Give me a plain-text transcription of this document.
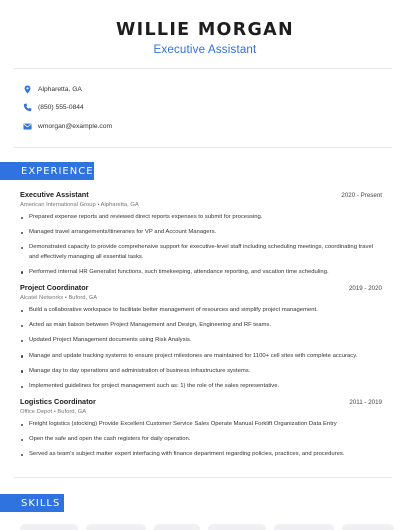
WILLIE MORGAN
Executive Assistant
Alpharetta, GA
(850) 555-0844
wmorgan@example.com
EXPERIENCE
Executive Assistant	2020 - Present
American International Group • Alpharetta, GA
Prepared expense reports and reviewed direct reports expenses to submit for processing.
Managed travel arrangements/itineraries for VP and Account Managers.
Demonstrated capacity to provide comprehensive support for executive-level staff including scheduling meetings, coordinating travel and effectively managing all essential tasks.
Performed internal HR Generalist functions, such timekeeping, attendance reporting, and vacation time scheduling.
Project Coordinator	2019 - 2020
Alcatel Networks • Buford, GA
Build a collaborative workspace to facilitate better management of resources and simplify project management.
Acted as main liaison between Project Management and Design, Engineering and RF teams.
Updated Project Management documents using Risk Analysis.
Manage and update tracking systems to ensure project milestones are maintained for 1100+ cell sites with complete accuracy.
Manage day to day operations and administration of business infrastructure systems.
Implemented guidelines for project management such as: 1) the role of the sales representative.
Logistics Coordinator	2011 - 2019
Office Depot • Buford, GA
Freight logistics (stocking) Provide Excellent Customer Service Sales Operate Manual Forklift Organization Data Entry
Open the safe and open the cash registers for daily operation.
Served as team's subject matter expert interfacing with finance department regarding policies, practices, and procedures.
SKILLS
